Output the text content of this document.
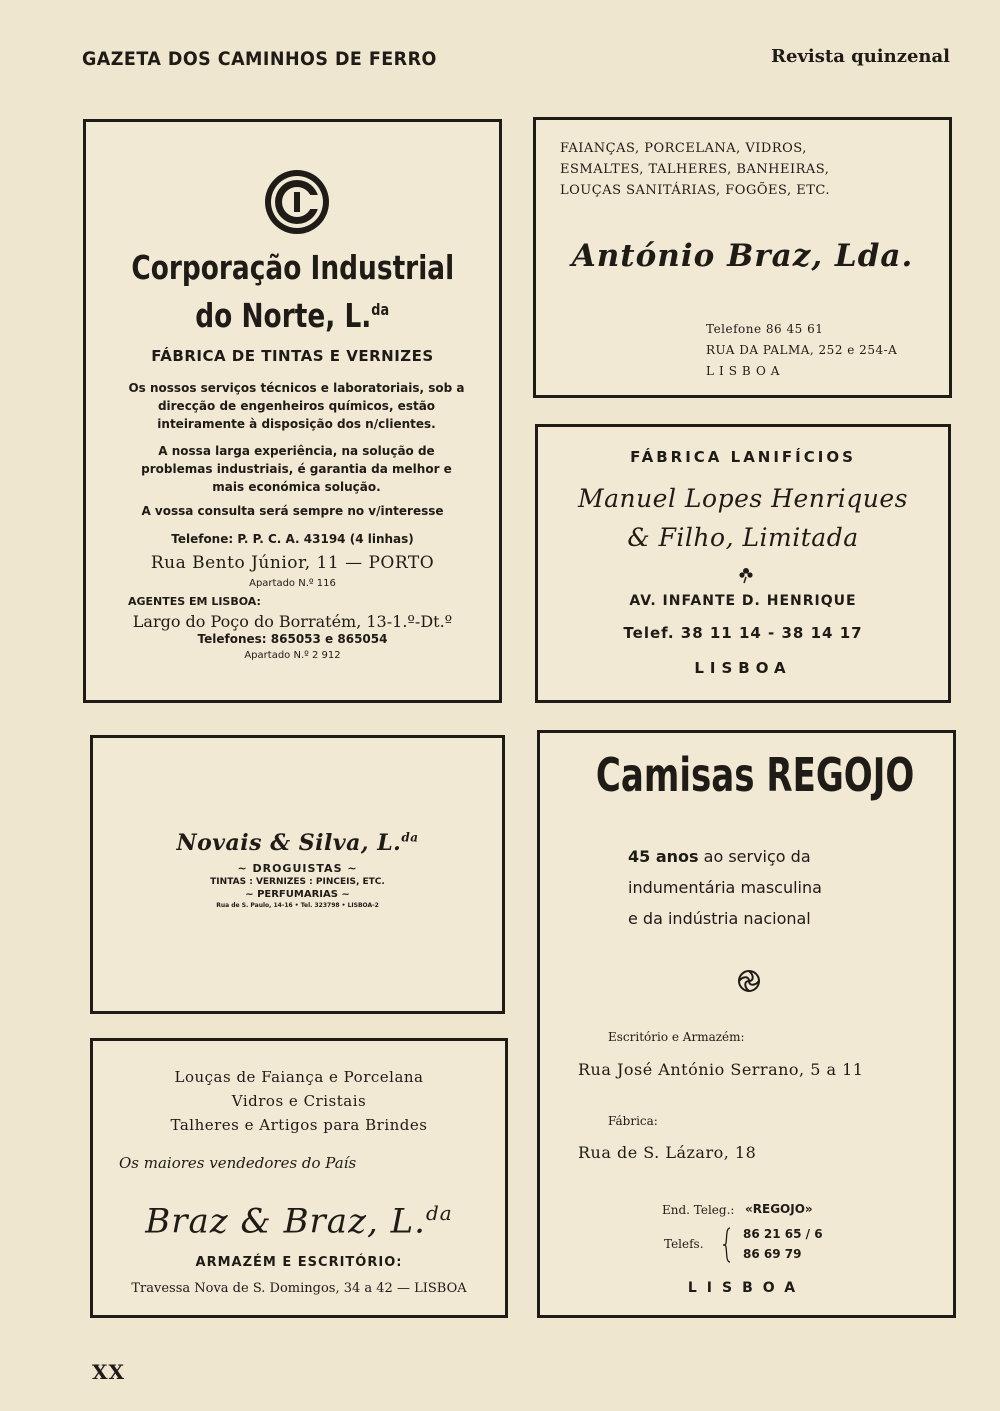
GAZETA DOS CAMINHOS DE FERRO	Revista quinzenal
Corporação Industrial
do Norte, L.$^{da}$
FÁBRICA DE TINTAS E VERNIZES
Os nossos serviços técnicos e laboratoriais, sob a direcção de engenheiros químicos, estão inteiramente à disposição dos n/clientes.
A nossa larga experiência, na solução de problemas industriais, é garantia da melhor e mais económica solução.
A vossa consulta será sempre no v/interesse
Telefone: P. P. C. A. 43194 (4 linhas)
Rua Bento Júnior, 11 — PORTO
Apartado N.º 116
AGENTES EM LISBOA:
Largo do Poço do Borratém, 13-1.º-Dt.º
Telefones: 865053 e 865054
Apartado N.º 2 912
FAIANÇAS, PORCELANA, VIDROS,
ESMALTES, TALHERES, BANHEIRAS,
LOUÇAS SANITÁRIAS, FOGÕES, ETC.
António Braz, Lda.
Telefone 86 45 61
RUA DA PALMA, 252 e 254-A
LISBOA
FÁBRICA LANIFÍCIOS
Manuel Lopes Henriques
& Filho, Limitada
AV. INFANTE D. HENRIQUE
Telef. 38 11 14 - 38 14 17
LISBOA
Novais & Silva, L.$^{da}$
~ DROGUISTAS ~
TINTAS : VERNIZES : PINCEIS, ETC.
~ PERFUMARIAS ~
Rua de S. Paulo, 14-16 • Tel. 323798 • LISBOA-2
Louças de Faiança e Porcelana
Vidros e Cristais
Talheres e Artigos para Brindes
Os maiores vendedores do País
Braz & Braz, L.$^{da}$
ARMAZÉM E ESCRITÓRIO:
Travessa Nova de S. Domingos, 34 a 42 — LISBOA
Camisas REGOJO
45 anos ao serviço da
indumentária masculina
e da indústria nacional
Escritório e Armazém:
Rua José António Serrano, 5 a 11
Fábrica:
Rua de S. Lázaro, 18
End. Teleg.: «REGOJO»
Telefs.
86 21 65 / 6
86 69 79
LISBOA
XX
